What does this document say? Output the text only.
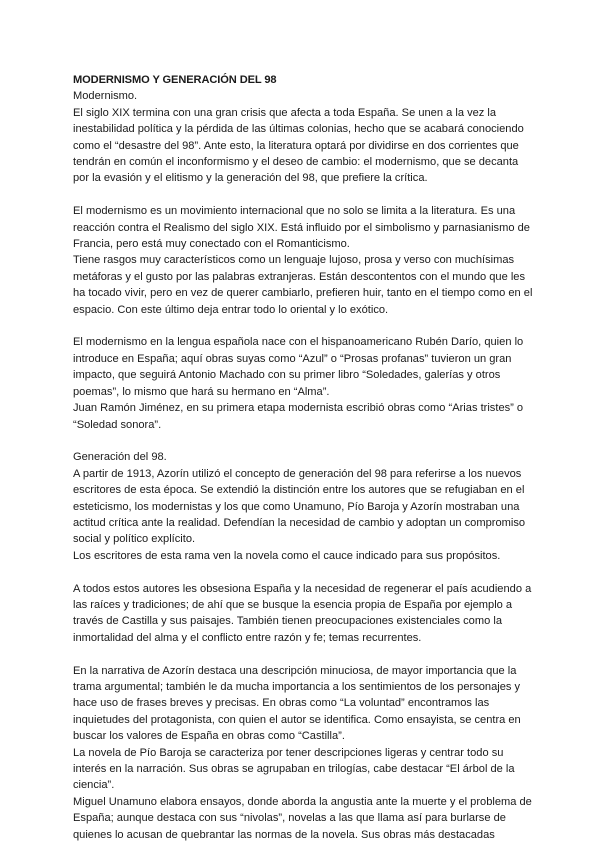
MODERNISMO Y GENERACIÓN DEL 98
Modernismo.

El siglo XIX termina con una gran crisis que afecta a toda España. Se unen a la vez la inestabilidad política y la pérdida de las últimas colonias, hecho que se acabará conociendo como el “desastre del 98”. Ante esto, la literatura optará por dividirse en dos corrientes que tendrán en común el inconformismo y el deseo de cambio: el modernismo, que se decanta por la evasión y el elitismo y la generación del 98, que prefiere la crítica.

El modernismo es un movimiento internacional que no solo se limita a la literatura. Es una reacción contra el Realismo del siglo XIX. Está influido por el simbolismo y parnasianismo de Francia, pero está muy conectado con el Romanticismo.

Tiene rasgos muy característicos como un lenguaje lujoso, prosa y verso con muchísimas metáforas y el gusto por las palabras extranjeras. Están descontentos con el mundo que les ha tocado vivir, pero en vez de querer cambiarlo, prefieren huir, tanto en el tiempo como en el espacio. Con este último deja entrar todo lo oriental y lo exótico.

El modernismo en la lengua española nace con el hispanoamericano Rubén Darío, quien lo introduce en España; aquí obras suyas como “Azul” o “Prosas profanas” tuvieron un gran impacto, que seguirá Antonio Machado con su primer libro “Soledades, galerías y otros poemas”, lo mismo que hará su hermano en “Alma”.

Juan Ramón Jiménez, en su primera etapa modernista escribió obras como “Arias tristes” o “Soledad sonora”.

Generación del 98.

A partir de 1913, Azorín utilizó el concepto de generación del 98 para referirse a los nuevos escritores de esta época. Se extendió la distinción entre los autores que se refugiaban en el esteticismo, los modernistas y los que como Unamuno, Pío Baroja y Azorín mostraban una actitud crítica ante la realidad. Defendían la necesidad de cambio y adoptan un compromiso social y político explícito.

Los escritores de esta rama ven la novela como el cauce indicado para sus propósitos.

A todos estos autores les obsesiona España y la necesidad de regenerar el país acudiendo a las raíces y tradiciones; de ahí que se busque la esencia propia de España por ejemplo a través de Castilla y sus paisajes. También tienen preocupaciones existenciales como la inmortalidad del alma y el conflicto entre razón y fe; temas recurrentes.

En la narrativa de Azorín destaca una descripción minuciosa, de mayor importancia que la trama argumental; también le da mucha importancia a los sentimientos de los personajes y hace uso de frases breves y precisas. En obras como “La voluntad” encontramos las inquietudes del protagonista, con quien el autor se identifica. Como ensayista, se centra en buscar los valores de España en obras como “Castilla”.

La novela de Pío Baroja se caracteriza por tener descripciones ligeras y centrar todo su interés en la narración. Sus obras se agrupaban en trilogías, cabe destacar “El árbol de la ciencia”.

Miguel Unamuno elabora ensayos, donde aborda la angustia ante la muerte y el problema de España; aunque destaca con sus “nivolas”, novelas a las que llama así para burlarse de quienes lo acusan de quebrantar las normas de la novela. Sus obras más destacadas
